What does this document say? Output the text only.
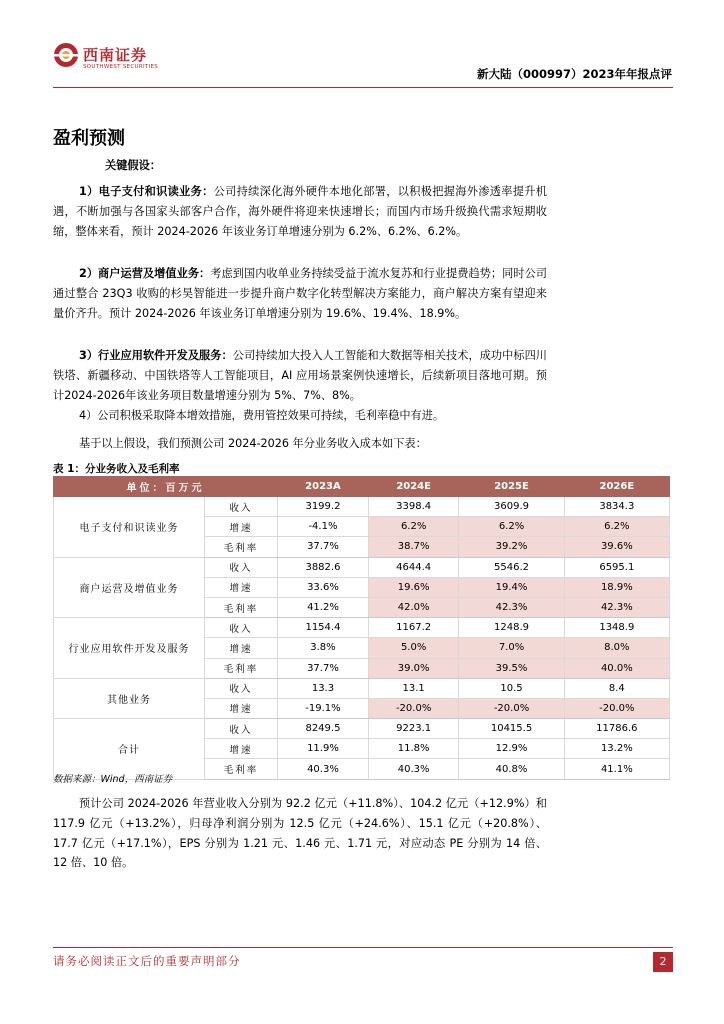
西南证券
SOUTHWEST SECURITIES	新大陆（000997）2023年年报点评
盈利预测
关键假设：
1）电子支付和识读业务：公司持续深化海外硬件本地化部署，以积极把握海外渗透率提升机遇，不断加强与各国家头部客户合作，海外硬件将迎来快速增长；而国内市场升级换代需求短期收缩，整体来看，预计 2024-2026 年该业务订单增速分别为 6.2%、6.2%、6.2%。
2）商户运营及增值业务：考虑到国内收单业务持续受益于流水复苏和行业提费趋势；同时公司通过整合 23Q3 收购的杉昊智能进一步提升商户数字化转型解决方案能力，商户解决方案有望迎来量价齐升。预计 2024-2026 年该业务订单增速分别为 19.6%、19.4%、18.9%。
3）行业应用软件开发及服务：公司持续加大投入人工智能和大数据等相关技术，成功中标四川铁塔、新疆移动、中国铁塔等人工智能项目，AI 应用场景案例快速增长，后续新项目落地可期。预计2024-2026年该业务项目数量增速分别为 5%、7%、8%。
4）公司积极采取降本增效措施，费用管控效果可持续，毛利率稳中有进。
基于以上假设，我们预测公司 2024-2026 年分业务收入成本如下表：
表 1：分业务收入及毛利率
单位：百万元		2023A	2024E	2025E	2026E
电子支付和识读业务	收入	3199.2	3398.4	3609.9	3834.3
	增速	-4.1%	6.2%	6.2%	6.2%
	毛利率	37.7%	38.7%	39.2%	39.6%
商户运营及增值业务	收入	3882.6	4644.4	5546.2	6595.1
	增速	33.6%	19.6%	19.4%	18.9%
	毛利率	41.2%	42.0%	42.3%	42.3%
行业应用软件开发及服务	收入	1154.4	1167.2	1248.9	1348.9
	增速	3.8%	5.0%	7.0%	8.0%
	毛利率	37.7%	39.0%	39.5%	40.0%
其他业务	收入	13.3	13.1	10.5	8.4
	增速	-19.1%	-20.0%	-20.0%	-20.0%
合计	收入	8249.5	9223.1	10415.5	11786.6
	增速	11.9%	11.8%	12.9%	13.2%
	毛利率	40.3%	40.3%	40.8%	41.1%
数据来源：Wind，西南证券
预计公司 2024-2026 年营业收入分别为 92.2 亿元（+11.8%）、104.2 亿元（+12.9%）和 117.9 亿元（+13.2%），归母净利润分别为 12.5 亿元（+24.6%）、15.1 亿元（+20.8%）、17.7 亿元（+17.1%），EPS 分别为 1.21 元、1.46 元、1.71 元，对应动态 PE 分别为 14 倍、12 倍、10 倍。
请务必阅读正文后的重要声明部分	2
